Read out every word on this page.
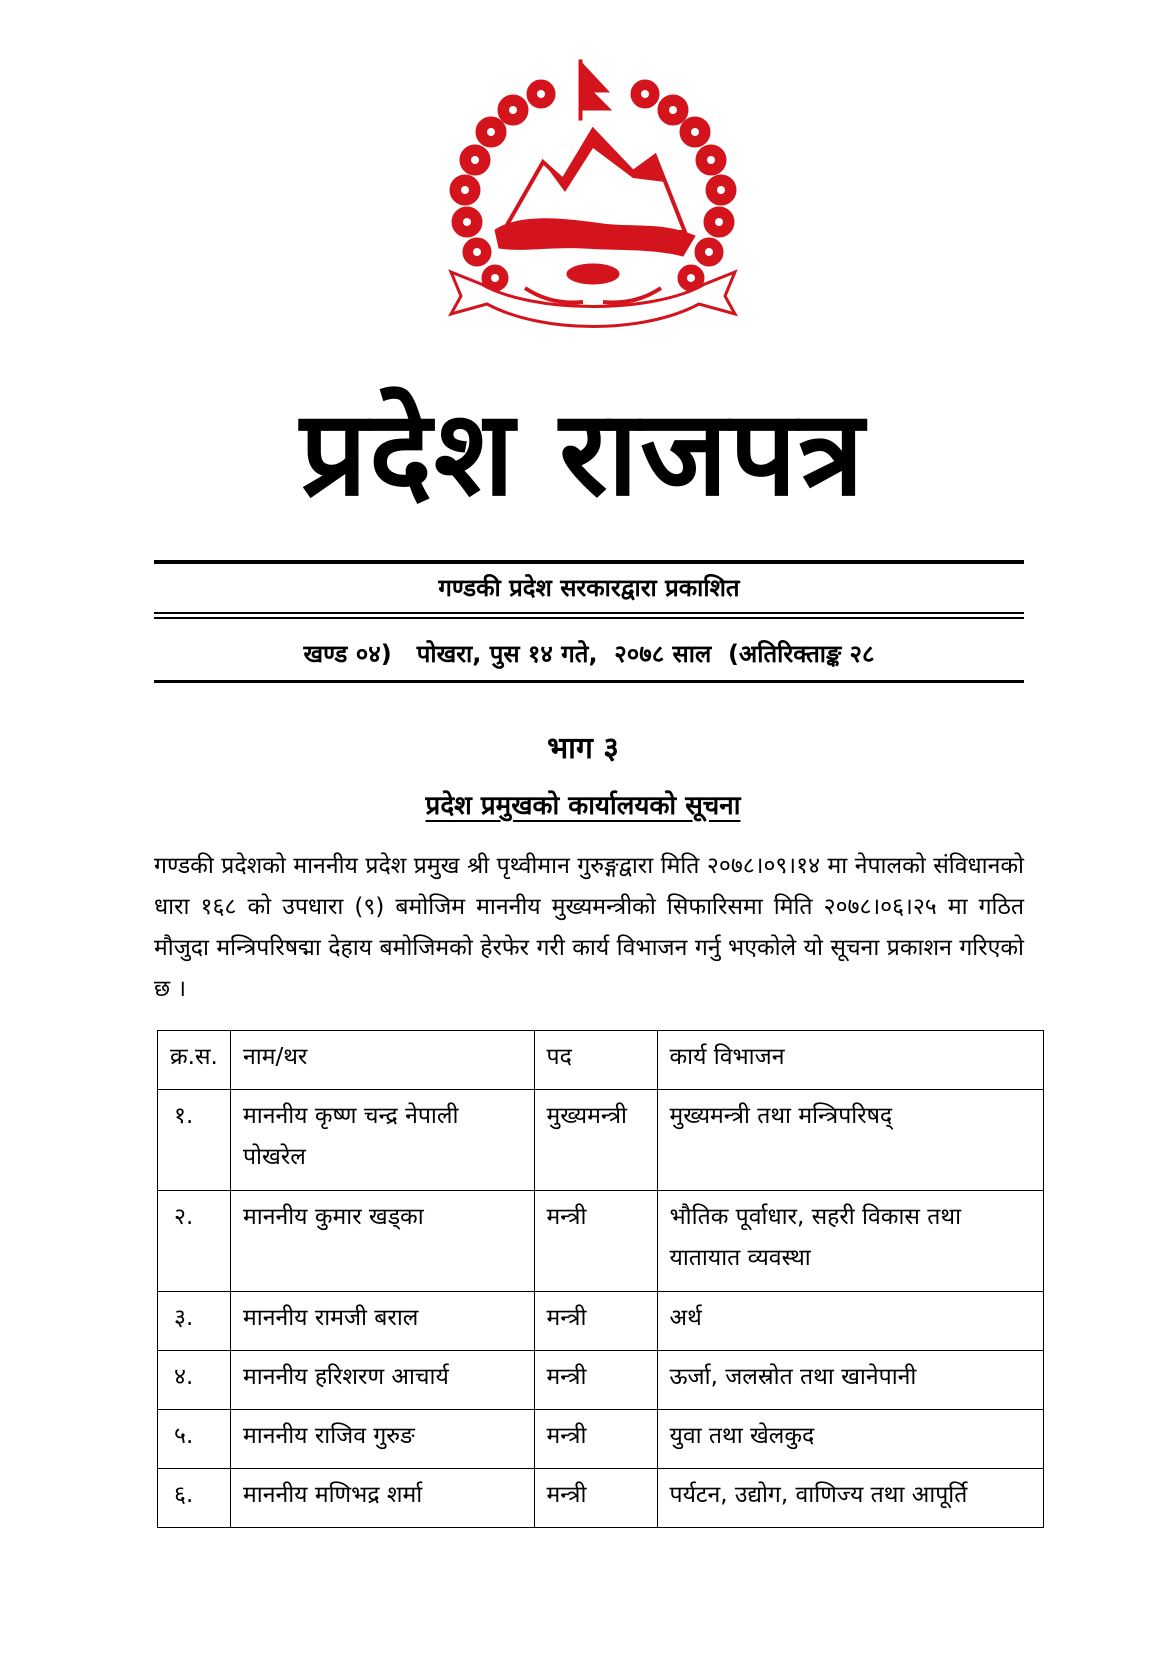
प्रदेश राजपत्र
गण्डकी प्रदेश सरकारद्वारा प्रकाशित
खण्ड ०४)   पोखरा, पुस १४ गते,  २०७८ साल  (अतिरिक्ताङ्क २८
भाग ३
प्रदेश प्रमुखको कार्यालयको सूचना
गण्डकी प्रदेशको माननीय प्रदेश प्रमुख श्री पृथ्वीमान गुरुङ्गद्वारा मिति २०७८।०९।१४ मा नेपालको संविधानको धारा १६८ को उपधारा (९) बमोजिम माननीय मुख्यमन्त्रीको सिफारिसमा मिति २०७८।०६।२५ मा गठित मौजुदा मन्त्रिपरिषद्मा देहाय बमोजिमको हेरफेर गरी कार्य विभाजन गर्नु भएकोले यो सूचना प्रकाशन गरिएको छ ।
क्र.स.	नाम/थर	पद	कार्य विभाजन
१.	माननीय कृष्ण चन्द्र नेपाली पोखरेल	मुख्यमन्त्री	मुख्यमन्त्री तथा मन्त्रिपरिषद्
२.	माननीय कुमार खड्का	मन्त्री	भौतिक पूर्वाधार, सहरी विकास तथा यातायात व्यवस्था
३.	माननीय रामजी बराल	मन्त्री	अर्थ
४.	माननीय हरिशरण आचार्य	मन्त्री	ऊर्जा, जलस्रोत तथा खानेपानी
५.	माननीय राजिव गुरुङ	मन्त्री	युवा तथा खेलकुद
६.	माननीय मणिभद्र शर्मा	मन्त्री	पर्यटन, उद्योग, वाणिज्य तथा आपूर्ति
